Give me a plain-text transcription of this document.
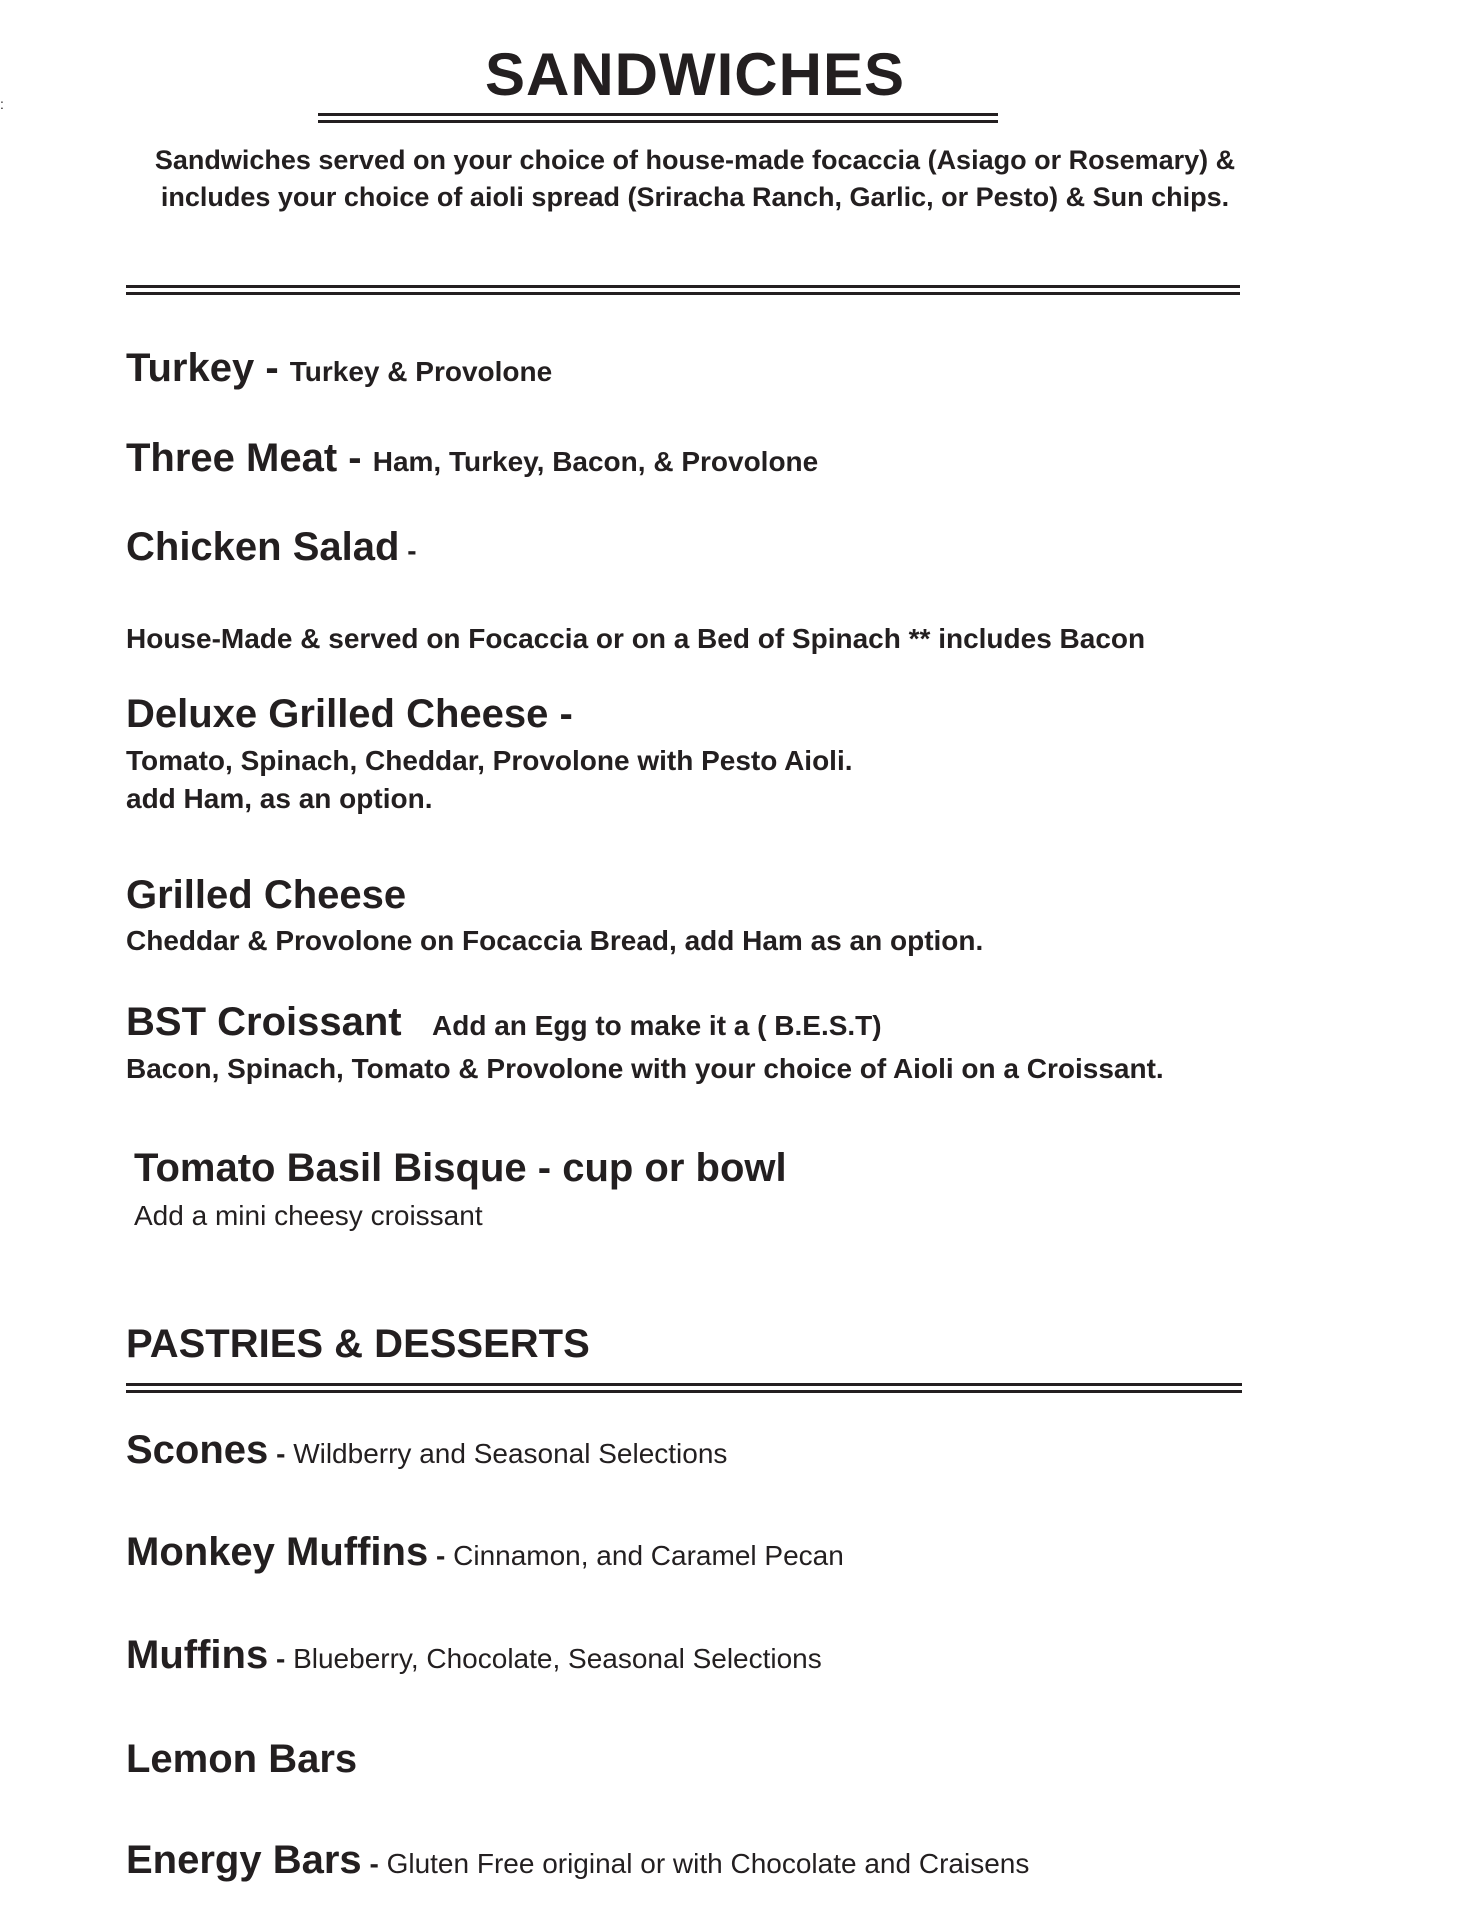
:	SANDWICHES
Sandwiches served on your choice of house-made focaccia (Asiago or Rosemary) &
includes your choice of aioli spread (Sriracha Ranch, Garlic, or Pesto) & Sun chips.
Turkey - Turkey & Provolone
Three Meat - Ham, Turkey, Bacon, & Provolone
Chicken Salad -
House-Made & served on Focaccia or on a Bed of Spinach ** includes Bacon
Deluxe Grilled Cheese -
Tomato, Spinach, Cheddar, Provolone with Pesto Aioli.
add Ham, as an option.
Grilled Cheese
Cheddar & Provolone on Focaccia Bread, add Ham as an option.
BST Croissant Add an Egg to make it a ( B.E.S.T)
Bacon, Spinach, Tomato & Provolone with your choice of Aioli on a Croissant.
Tomato Basil Bisque - cup or bowl
Add a mini cheesy croissant
PASTRIES & DESSERTS
Scones - Wildberry and Seasonal Selections
Monkey Muffins - Cinnamon, and Caramel Pecan
Muffins - Blueberry, Chocolate, Seasonal Selections
Lemon Bars
Energy Bars - Gluten Free original or with Chocolate and Craisens
